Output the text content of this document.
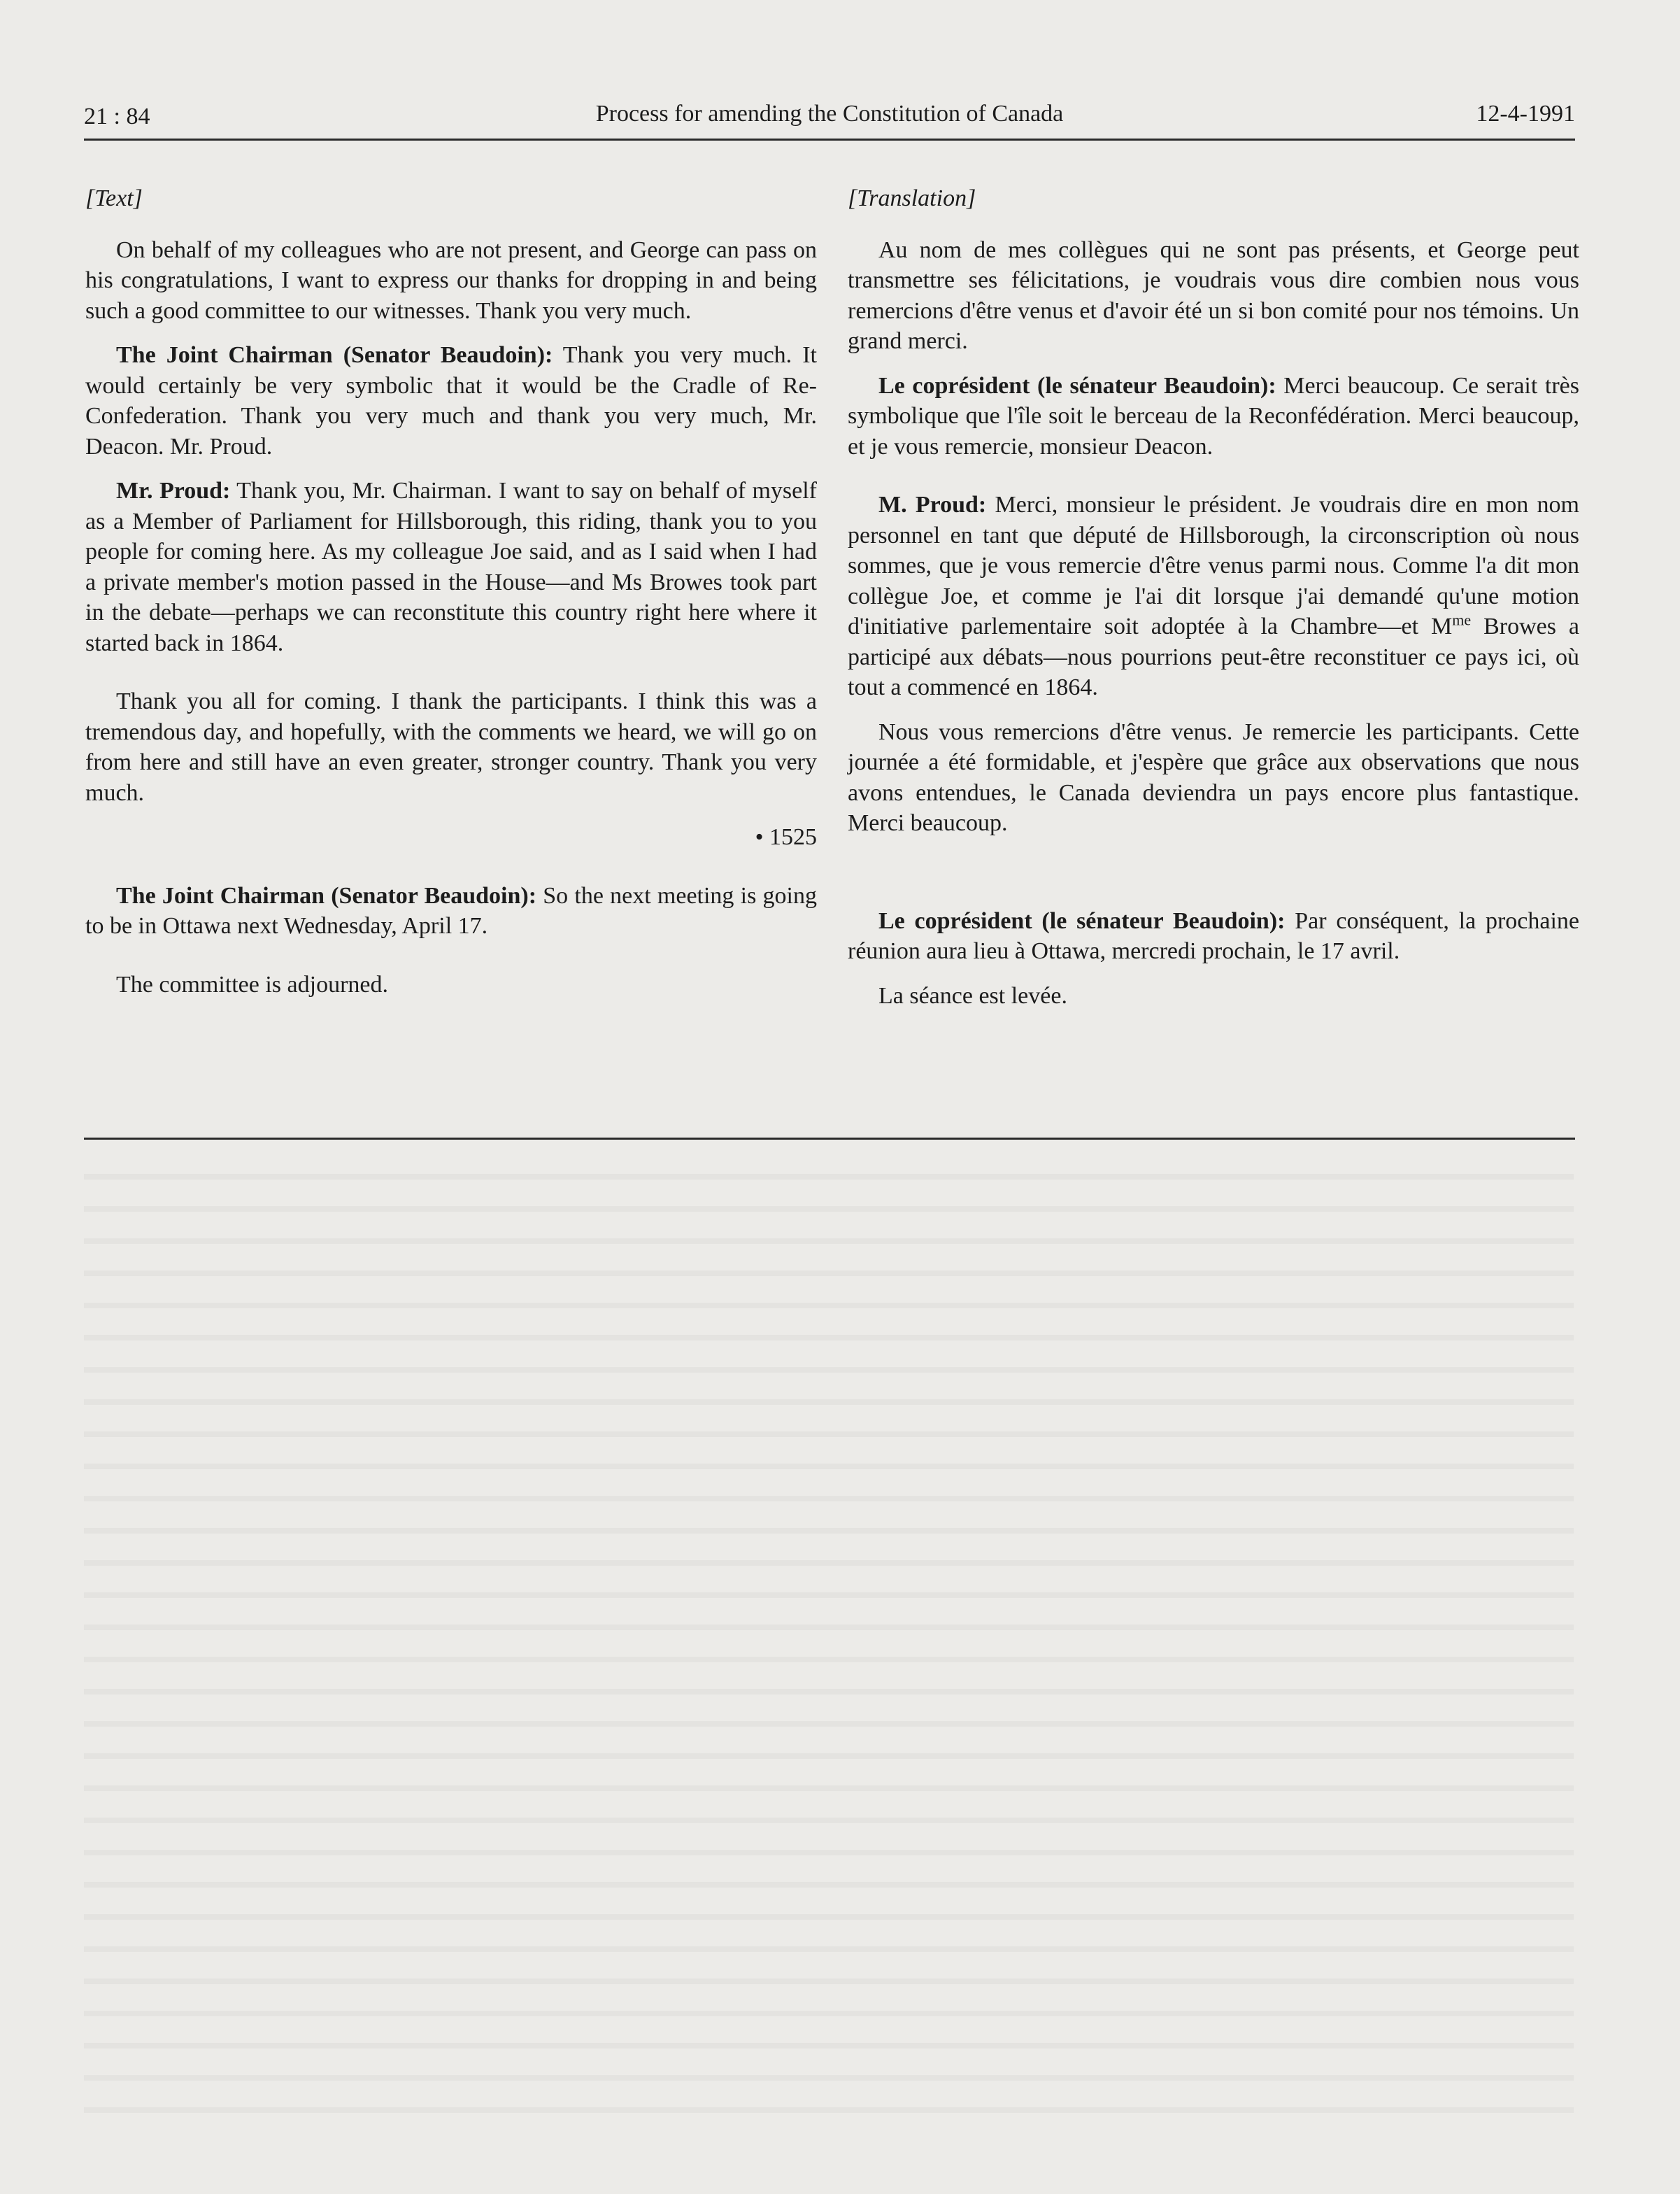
21 : 84	Process for amending the Constitution of Canada	12-4-1991

[Text]

On behalf of my colleagues who are not present, and George can pass on his congratulations, I want to express our thanks for dropping in and being such a good committee to our witnesses. Thank you very much.

The Joint Chairman (Senator Beaudoin): Thank you very much. It would certainly be very symbolic that it would be the Cradle of Re-Confederation. Thank you very much and thank you very much, Mr. Deacon. Mr. Proud.

Mr. Proud: Thank you, Mr. Chairman. I want to say on behalf of myself as a Member of Parliament for Hillsborough, this riding, thank you to you people for coming here. As my colleague Joe said, and as I said when I had a private member's motion passed in the House—and Ms Browes took part in the debate—perhaps we can reconstitute this country right here where it started back in 1864.

Thank you all for coming. I thank the participants. I think this was a tremendous day, and hopefully, with the comments we heard, we will go on from here and still have an even greater, stronger country. Thank you very much.

• 1525

The Joint Chairman (Senator Beaudoin): So the next meeting is going to be in Ottawa next Wednesday, April 17.

The committee is adjourned.

[Translation]

Au nom de mes collègues qui ne sont pas présents, et George peut transmettre ses félicitations, je voudrais vous dire combien nous vous remercions d'être venus et d'avoir été un si bon comité pour nos témoins. Un grand merci.

Le coprésident (le sénateur Beaudoin): Merci beaucoup. Ce serait très symbolique que l'île soit le berceau de la Reconfédération. Merci beaucoup, et je vous remercie, monsieur Deacon.

M. Proud: Merci, monsieur le président. Je voudrais dire en mon nom personnel en tant que député de Hillsborough, la circonscription où nous sommes, que je vous remercie d'être venus parmi nous. Comme l'a dit mon collègue Joe, et comme je l'ai dit lorsque j'ai demandé qu'une motion d'initiative parlementaire soit adoptée à la Chambre—et $M^{me}$ Browes a participé aux débats—nous pourrions peut-être reconstituer ce pays ici, où tout a commencé en 1864.

Nous vous remercions d'être venus. Je remercie les participants. Cette journée a été formidable, et j'espère que grâce aux observations que nous avons entendues, le Canada deviendra un pays encore plus fantastique. Merci beaucoup.

Le coprésident (le sénateur Beaudoin): Par conséquent, la prochaine réunion aura lieu à Ottawa, mercredi prochain, le 17 avril.

La séance est levée.
